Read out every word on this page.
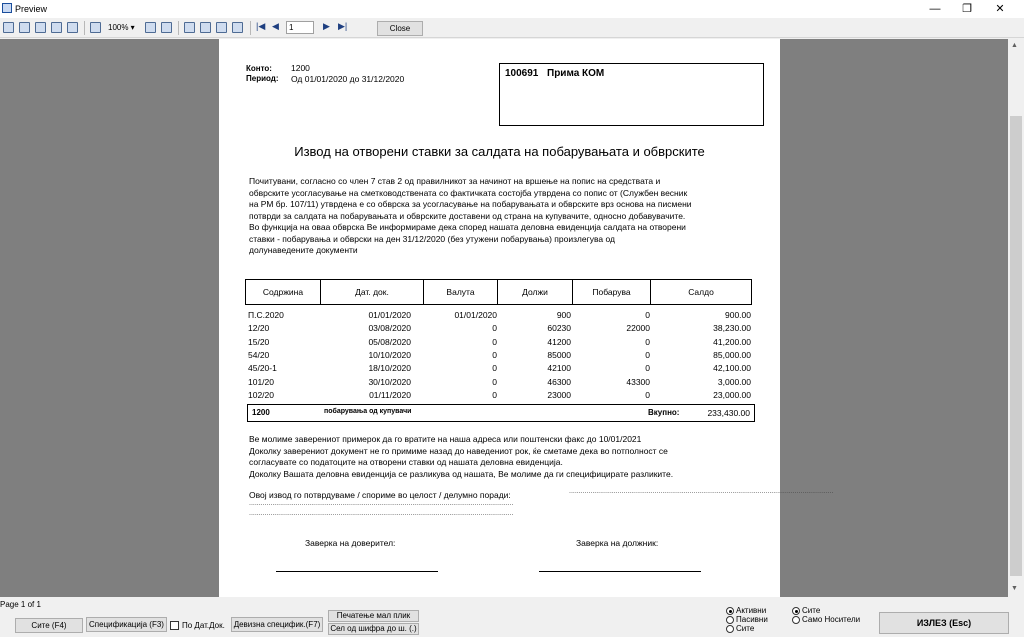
Preview	—	❐	✕
100% ▾	|◀ ◀	1	▶ ▶|	Close
Конто: 1200
Период: Од 01/01/2020 до 31/12/2020	100691 Прима КОМ
Извод на отворени ставки за салдата на побарувањата и обврските
Почитувани, согласно со член 7 став 2 од правилникот за начинот на вршење на попис на средствата и
обврските усогласување на сметководствената со фактичката состојба утврдена со попис от (Службен весник
на РМ бр. 107/11) утврдена е со обврска за усогласување на побарувањата и обврските врз основа на писмени
потврди за салдата на побарувањата и обврските доставени од страна на купувачите, односно добавувачите.
Во функција на оваа обврска Ве информираме дека според нашата деловна евиденција салдата на отворени
ставки - побарувања и обврски на ден 31/12/2020 (без утужени побарувања) произлегува од
долунаведените документи
Содржина	Дат. док.	Валута	Должи	Побарува	Салдо
П.С.2020	01/01/2020	01/01/2020	900	0	900.00
12/20	03/08/2020	0	60230	22000	38,230.00
15/20	05/08/2020	0	41200	0	41,200.00
54/20	10/10/2020	0	85000	0	85,000.00
45/20-1	18/10/2020	0	42100	0	42,100.00
101/20	30/10/2020	0	46300	43300	3,000.00
102/20	01/11/2020	0	23000	0	23,000.00
1200	побарувања од купувачи	Вкупно:	233,430.00
Ве молиме заверениот примерок да го вратите на наша адреса или поштенски факс до 10/01/2021
Доколку заверениот документ не го примиме назад до наведениот рок, ќе сметаме дека во потполност се
согласувате со податоците на отворени ставки од нашата деловна евиденција.
Доколку Вашата деловна евиденција се разликува од нашата, Ве молиме да ги специфицирате разликите.
Овој извод го потврдуваме / спориме во целост / делумно поради:	........................................................................................................................................
........................................................................................................................................
........................................................................................................................................
Заверка на доверител:	Заверка на должник:
▲
▼
Page 1 of 1
Сите (F4)	Спецификација (F3)	По Дат.Док.	Девизна специфик.(F7)
Печатење мал плик
Сел од шифра до ш. (.)
Активни
Пасивни
Сите
Сите
Само Носители	ИЗЛЕЗ (Esc)
